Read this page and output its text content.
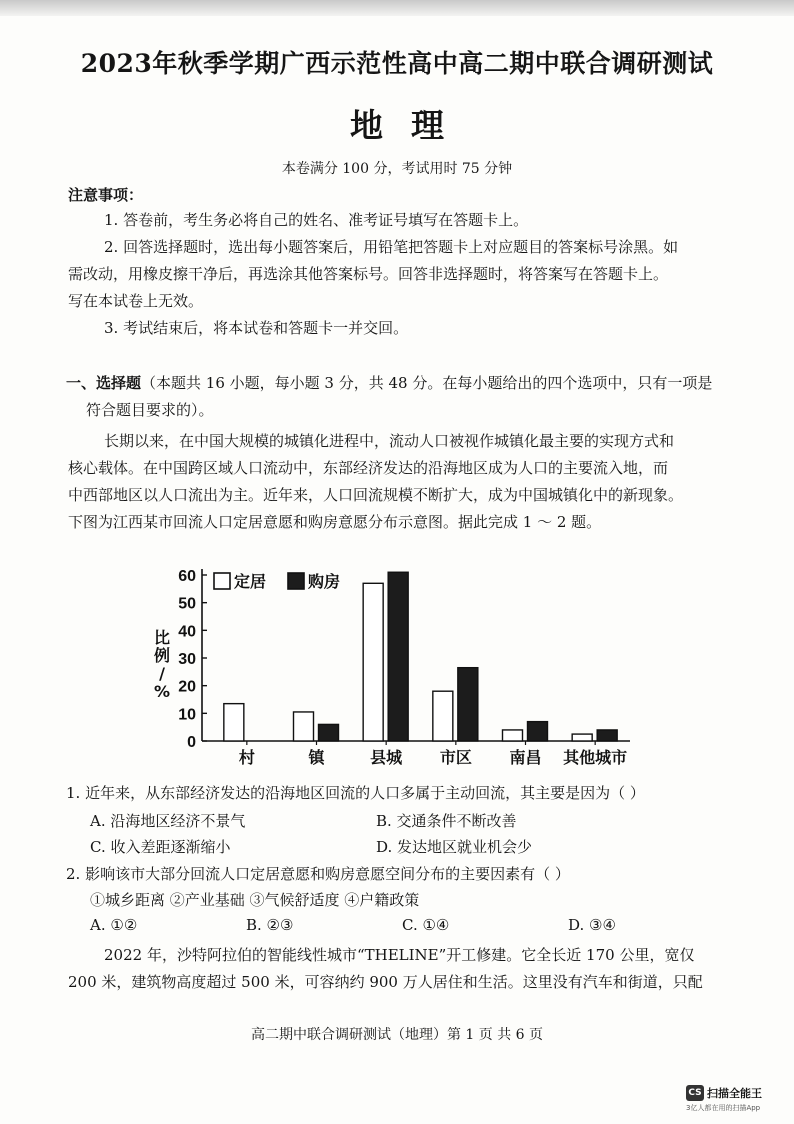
2023年秋季学期广西示范性高中高二期中联合调研测试
地理
本卷满分 100 分，考试用时 75 分钟
注意事项：
1. 答卷前，考生务必将自己的姓名、准考证号填写在答题卡上。
2. 回答选择题时，选出每小题答案后，用铅笔把答题卡上对应题目的答案标号涂黑。如
需改动，用橡皮擦干净后，再选涂其他答案标号。回答非选择题时，将答案写在答题卡上。
写在本试卷上无效。
3. 考试结束后，将本试卷和答题卡一并交回。
一、选择题（本题共 16 小题，每小题 3 分，共 48 分。在每小题给出的四个选项中，只有一项是
符合题目要求的）。
长期以来，在中国大规模的城镇化进程中，流动人口被视作城镇化最主要的实现方式和
核心载体。在中国跨区域人口流动中，东部经济发达的沿海地区成为人口的主要流入地，而
中西部地区以人口流出为主。近年来，人口回流规模不断扩大，成为中国城镇化中的新现象。
下图为江西某市回流人口定居意愿和购房意愿分布示意图。据此完成 1 ～ 2 题。
0
10
20
30
40
50
60
比
例
/
%
村	镇	县城 市区 南昌 其他城市
定居	购房
1. 近年来，从东部经济发达的沿海地区回流的人口多属于主动回流，其主要是因为（ ）
A. 沿海地区经济不景气	B. 交通条件不断改善
C. 收入差距逐渐缩小	D. 发达地区就业机会少
2. 影响该市大部分回流人口定居意愿和购房意愿空间分布的主要因素有（ ）
①城乡距离 ②产业基础 ③气候舒适度 ④户籍政策
A. ①②	B. ②③	C. ①④	D. ③④
2022 年，沙特阿拉伯的智能线性城市“THELINE”开工修建。它全长近 170 公里，宽仅
200 米，建筑物高度超过 500 米，可容纳约 900 万人居住和生活。这里没有汽车和街道，只配
高二期中联合调研测试（地理）第 1 页 共 6 页
CS 扫描全能王
3亿人都在用的扫描App
